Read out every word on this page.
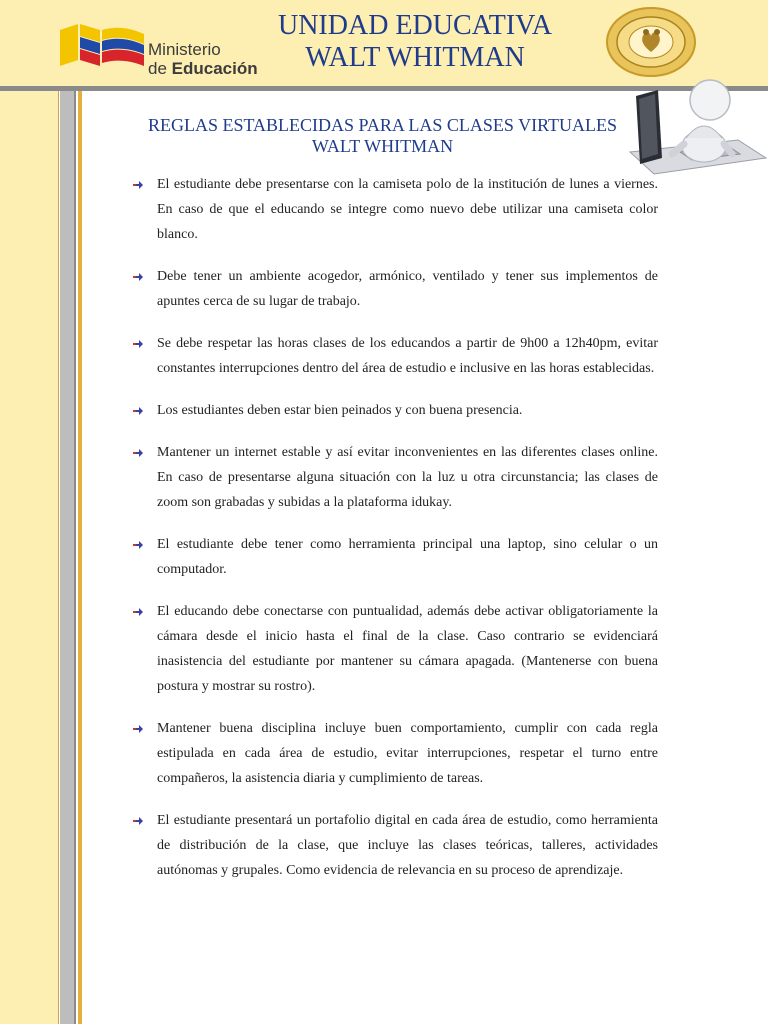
Ministerio
de Educación
UNIDAD EDUCATIVA
WALT WHITMAN
REGLAS ESTABLECIDAS PARA LAS CLASES VIRTUALES
WALT WHITMAN
El estudiante debe presentarse con la camiseta polo de la institución de lunes a viernes. En caso de que el educando se integre como nuevo debe utilizar una camiseta color blanco.
Debe tener un ambiente acogedor, armónico, ventilado y tener sus implementos de apuntes cerca de su lugar de trabajo.
Se debe respetar las horas clases de los educandos a partir de 9h00 a 12h40pm, evitar constantes interrupciones dentro del área de estudio e inclusive en las horas establecidas.
Los estudiantes deben estar bien peinados y con buena presencia.
Mantener un internet estable y así evitar inconvenientes en las diferentes clases online. En caso de presentarse alguna situación con la luz u otra circunstancia; las clases de zoom son grabadas y subidas a la plataforma idukay.
El estudiante debe tener como herramienta principal una laptop, sino celular o un computador.
El educando debe conectarse con puntualidad, además debe activar obligatoriamente la cámara desde el inicio hasta el final de la clase. Caso contrario se evidenciará inasistencia del estudiante por mantener su cámara apagada. (Mantenerse con buena postura y mostrar su rostro).
Mantener buena disciplina incluye buen comportamiento, cumplir con cada regla estipulada en cada área de estudio, evitar interrupciones, respetar el turno entre compañeros, la asistencia diaria y cumplimiento de tareas.
El estudiante presentará un portafolio digital en cada área de estudio, como herramienta de distribución de la clase, que incluye las clases teóricas, talleres, actividades autónomas y grupales. Como evidencia de relevancia en su proceso de aprendizaje.
